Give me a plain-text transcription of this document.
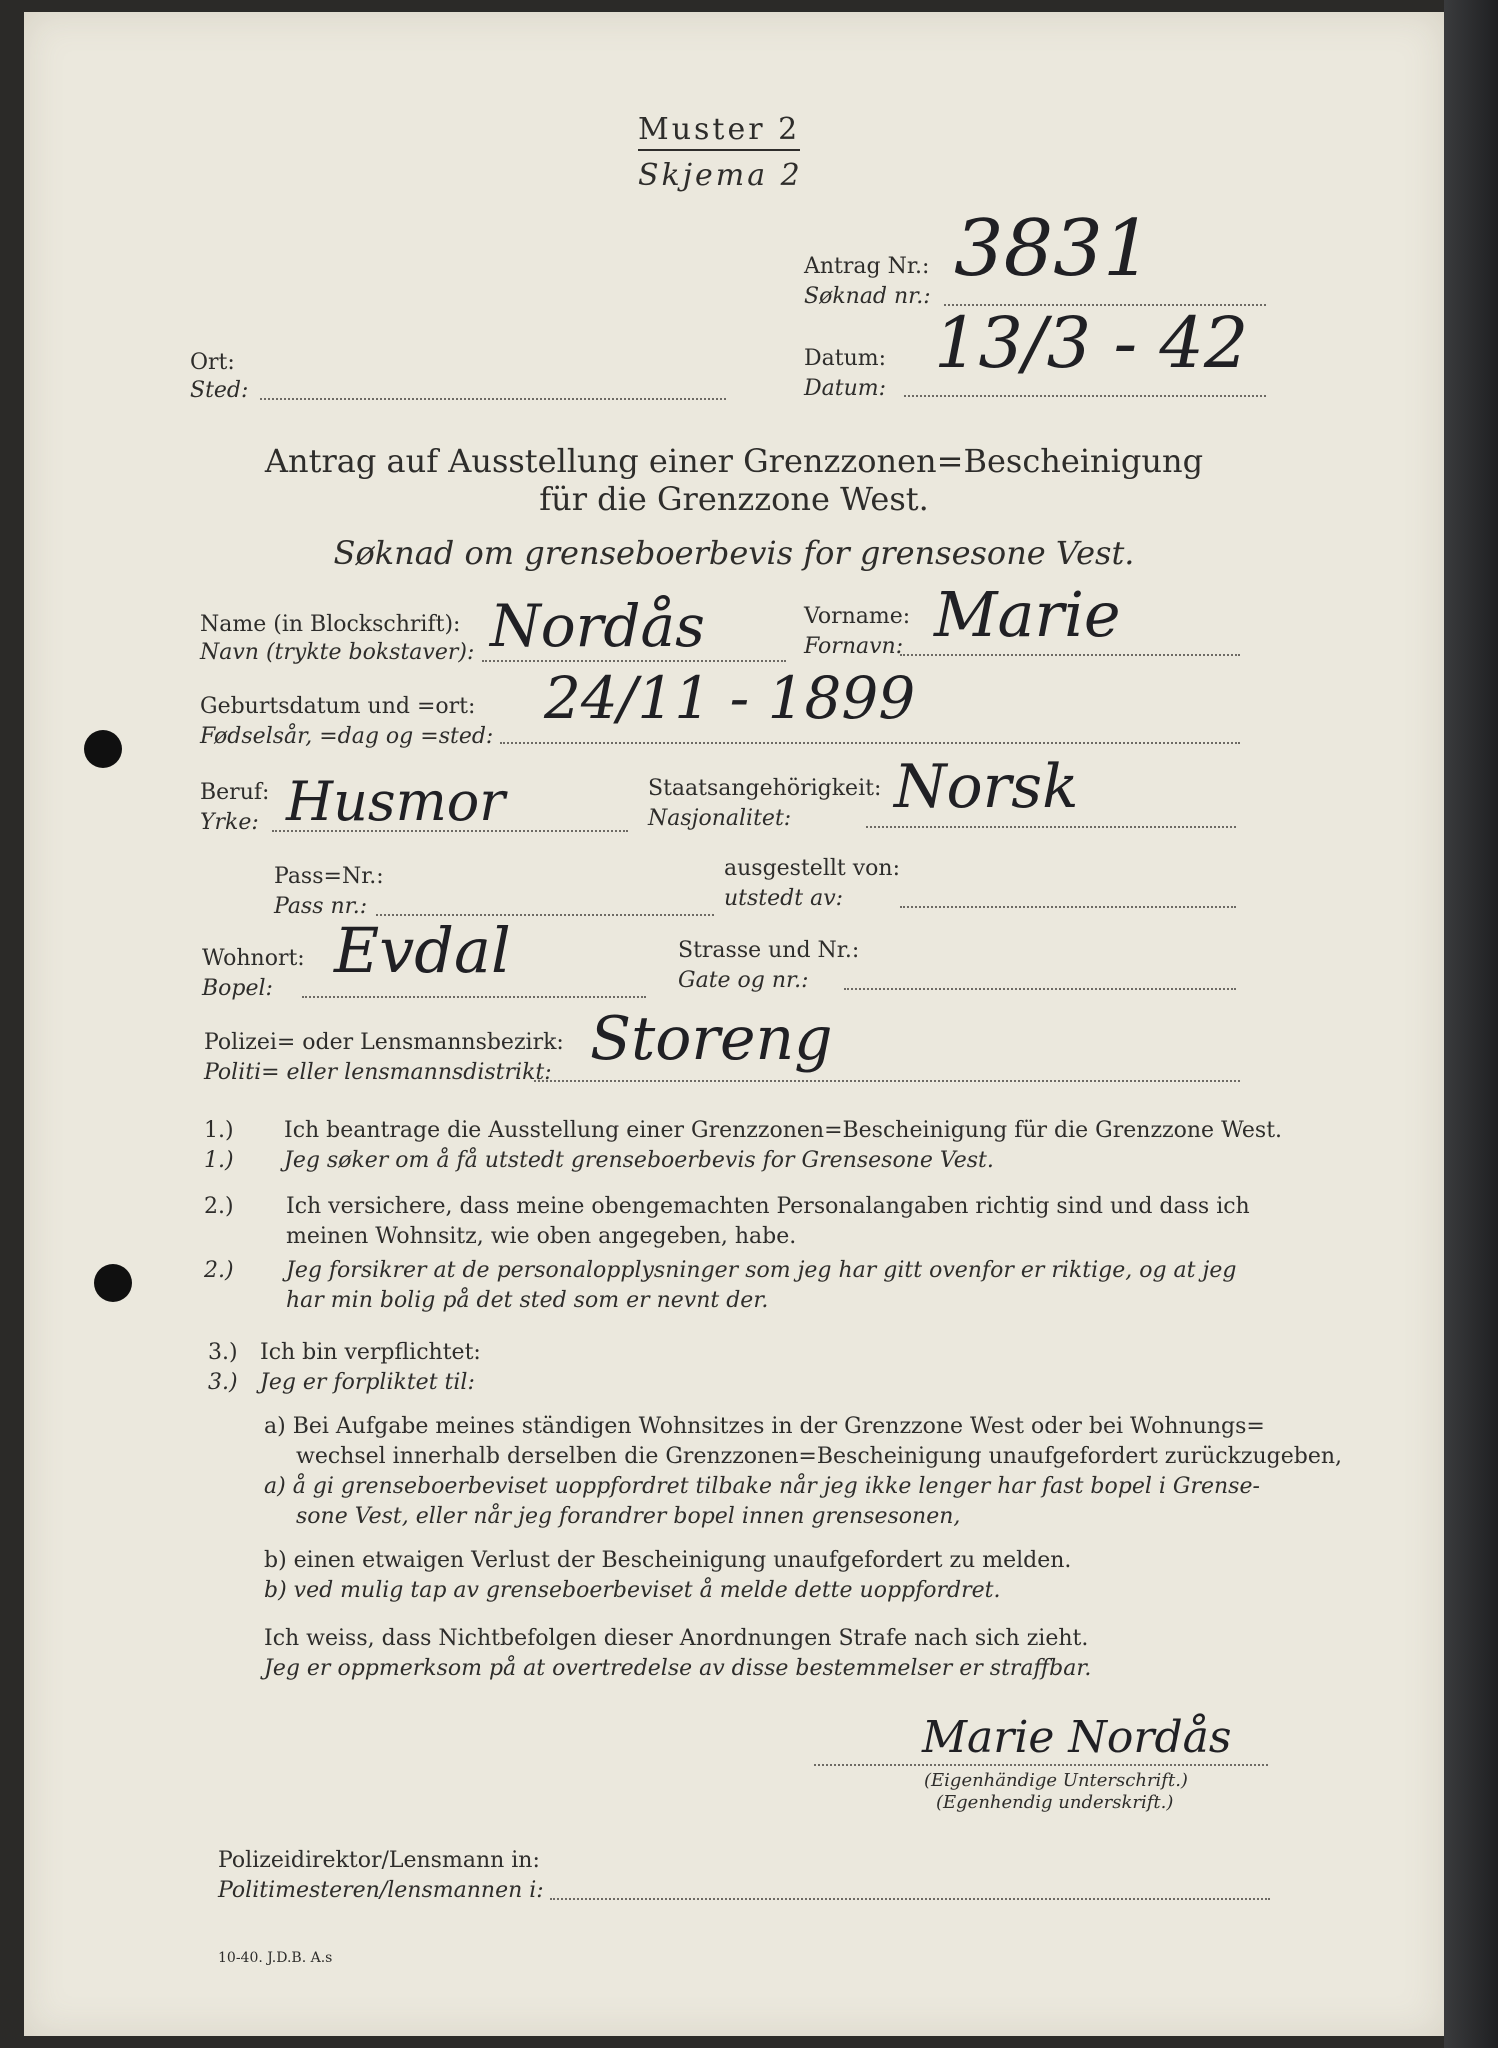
Muster 2
Skjema 2
Antrag Nr.:
Søknad nr.:
3831
Ort:
Sted:
Datum:
Datum:
13/3 - 42
Antrag auf Ausstellung einer Grenzzonen=Bescheinigung
für die Grenzzone West.
Søknad om grenseboerbevis for grensesone Vest.
Name (in Blockschrift):
Navn (trykte bokstaver): Nordås	Vorname:
Fornavn: Marie
Geburtsdatum und =ort:
Fødselsår, =dag og =sted:
24/11 - 1899
Beruf:
Yrke: Husmor	Staatsangehörigkeit:
Nasjonalitet: Norsk
Pass=Nr.:
Pass nr.:
ausgestellt von:
utstedt av:
Wohnort:
Bopel:
Evdal	Strasse und Nr.:
Gate og nr.:
Polizei= oder Lensmannsbezirk:
Politi= eller lensmannsdistrikt: Storeng
1.)
1.)
Ich beantrage die Ausstellung einer Grenzzonen=Bescheinigung für die Grenzzone West.
Jeg søker om å få utstedt grenseboerbevis for Grensesone Vest.
2.) Ich versichere, dass meine obengemachten Personalangaben richtig sind und dass ich
meinen Wohnsitz, wie oben angegeben, habe.
2.) Jeg forsikrer at de personalopplysninger som jeg har gitt ovenfor er riktige, og at jeg
har min bolig på det sted som er nevnt der.
3.) Ich bin verpflichtet:
3.) Jeg er forpliktet til:
a) Bei Aufgabe meines ständigen Wohnsitzes in der Grenzzone West oder bei Wohnungs=
wechsel innerhalb derselben die Grenzzonen=Bescheinigung unaufgefordert zurückzugeben,
a) å gi grenseboerbeviset uoppfordret tilbake når jeg ikke lenger har fast bopel i Grense-
sone Vest, eller når jeg forandrer bopel innen grensesonen,
b) einen etwaigen Verlust der Bescheinigung unaufgefordert zu melden.
b) ved mulig tap av grenseboerbeviset å melde dette uoppfordret.
Ich weiss, dass Nichtbefolgen dieser Anordnungen Strafe nach sich zieht.
Jeg er oppmerksom på at overtredelse av disse bestemmelser er straffbar.
Marie Nordås
(Eigenhändige Unterschrift.)
(Egenhendig underskrift.)
Polizeidirektor/Lensmann in:
Politimesteren/lensmannen i:
10-40. J.D.B. A.s
